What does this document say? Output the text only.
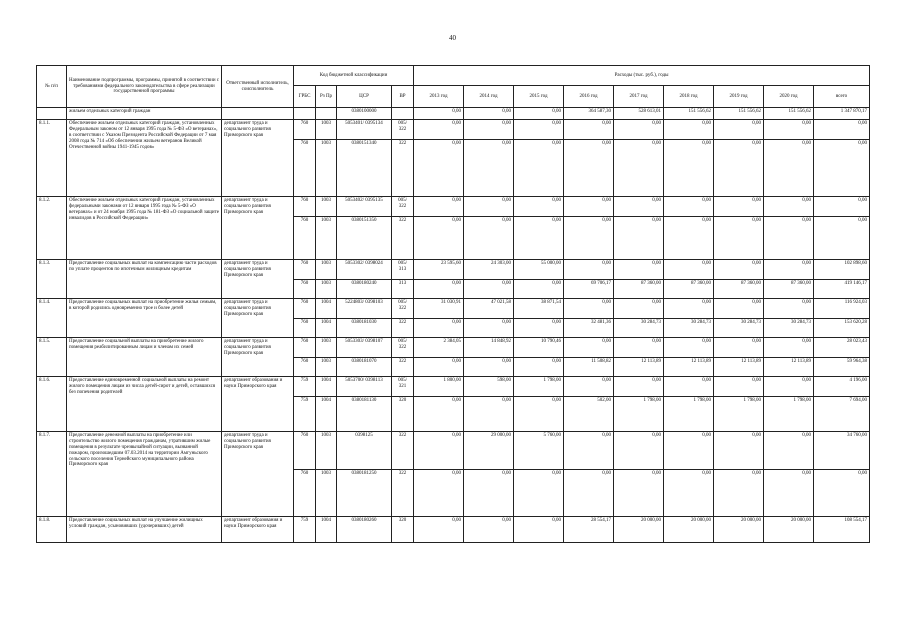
40
№ п/п	Наименование подпрограммы, программы, принятой в соответствии с требованиями федерального законодательства в сфере реализации государственной программы	Ответственный исполнитель, соисполнитель	Код бюджетной классификации				Расходы (тыс. руб.), годы								
			ГРБС	Рз Пр	ЦСР	ВР	2013 год	2014 год	2015 год	2016 год	2017 год	2018 год	2019 год	2020 год	всего
	жильем отдельных категорий граждан				0380100000		0,00	0,00	0,00	364 587,30	528 613,01	151 556,62	151 556,62	151 556,62	1 347 870,17
8.1.1.	Обеспечение жильем отдельных категорий граждан, установленных Федеральным законом от 12 января 1995 года № 5-ФЗ «О ветеранах», в соответствии с Указом Президента Российской Федерации от 7 мая 2008 года № 714 «Об обеспечении жильем ветеранов Великой Отечественной войны 1941-1945 годов»	департамент труда и социального развития Приморского края	760	1003	5053401/ 0395134	005/ 322	0,00	0,00	0,00	0,00	0,00	0,00	0,00	0,00	0,00
			760	1003	0380151340	322	0,00	0,00	0,00	0,00	0,00	0,00	0,00	0,00	0,00
8.1.2.	Обеспечение жильем отдельных категорий граждан, установленных федеральными законами от 12 января 1995 года № 5-ФЗ «О ветеранах» и от 24 ноября 1995 года № 181-ФЗ «О социальной защите инвалидов в Российской Федерации»	департамент труда и социального развития Приморского края	760	1003	5053402/ 0395135	005/ 322	0,00	0,00	0,00	0,00	0,00	0,00	0,00	0,00	0,00
			760	1003	0380151350	322	0,00	0,00	0,00	0,00	0,00	0,00	0,00	0,00	0,00
8.1.3.	Предоставление социальных выплат на компенсацию части расходов по уплате процентов по ипотечным жилищным кредитам	департамент труда и социального развития Приморского края	760	1003	5053302/ 0398024	005/ 313	23 595,60	24 303,00	55 000,00	0,00	0,00	0,00	0,00	0,00	102 898,60
			760	1003	0380180240	313	0,00	0,00	0,00	69 706,17	87 360,00	87 360,00	87 360,00	87 360,00	419 146,17
8.1.4.	Предоставление социальных выплат на приобретение жилья семьям, в которой родились одновременно трое и более детей	департамент труда и социального развития Приморского края	760	1004	5224803/ 0398103	005/ 322	31 030,91	47 021,58	38 871,54	0,00	0,00	0,00	0,00	0,00	116 924,03
			760	1004	0380181030	322	0,00	0,00	0,00	32 481,36	30 284,73	30 284,73	30 284,73	30 284,73	153 620,28
8.1.5.	Предоставление социальной выплаты на приобретение жилого помещения реабилитированным лицам и членам их семей	департамент труда и социального развития Приморского края	760	1003	5053303/ 0398107	005/ 322	2 384,05	14 848,92	10 790,46	0,00	0,00	0,00	0,00	0,00	28 023,43
			760	1003	0380181070	322	0,00	0,00	0,00	11 508,82	12 113,89	12 113,89	12 113,89	12 113,89	59 964,38
8.1.6.	Предоставление единовременной социальной выплаты на ремонт жилого помещения лицам из числа детей-сирот и детей, оставшихся без попечения родителей	департамент образования и науки Приморского края	759	1004	5053700/ 0398113	005/ 321	1 800,00	598,00	1 798,00	0,00	0,00	0,00	0,00	0,00	4 196,00
			759	1004	0380181130	320	0,00	0,00	0,00	502,00	1 798,00	1 798,00	1 798,00	1 798,00	7 694,00
8.1.7.	Предоставление денежной выплаты на приобретение или строительство жилого помещения гражданам, утратившим жилые помещения в результате чрезвычайной ситуации, вызванной пожаром, произошедшим 07.03.2014 на территории Амгуньского сельского поселения Тернейского муниципального района Приморского края	департамент труда и социального развития Приморского края	760	1003	0398125	322	0,00	29 000,00	5 760,00	0,00	0,00	0,00	0,00	0,00	34 760,00
			760	1003	0380181250	322	0,00	0,00	0,00	0,00	0,00	0,00	0,00	0,00	0,00
8.1.8.	Предоставление социальных выплат на улучшение жилищных условий граждан, усыновивших (удочеривших) детей	департамент образования и науки Приморского края	759	1004	0380180260	320	0,00	0,00	0,00	28 554,17	20 000,00	20 000,00	20 000,00	20 000,00	108 554,17
